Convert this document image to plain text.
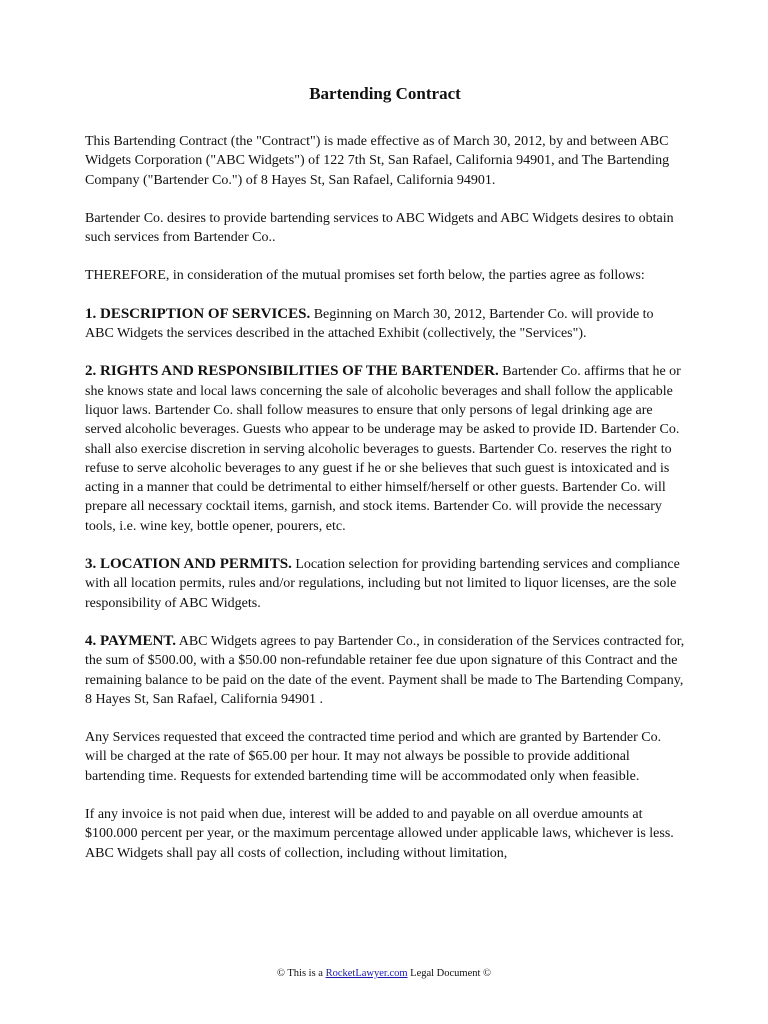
Bartending Contract

This Bartending Contract (the "Contract") is made effective as of March 30, 2012, by and between ABC Widgets Corporation ("ABC Widgets") of 122 7th St, San Rafael, California 94901, and The Bartending Company ("Bartender Co.") of 8 Hayes St, San Rafael, California 94901.

Bartender Co. desires to provide bartending services to ABC Widgets and ABC Widgets desires to obtain such services from Bartender Co..

THEREFORE, in consideration of the mutual promises set forth below, the parties agree as follows:

1. DESCRIPTION OF SERVICES. Beginning on March 30, 2012, Bartender Co. will provide to ABC Widgets the services described in the attached Exhibit (collectively, the "Services").

2. RIGHTS AND RESPONSIBILITIES OF THE BARTENDER. Bartender Co. affirms that he or she knows state and local laws concerning the sale of alcoholic beverages and shall follow the applicable liquor laws. Bartender Co. shall follow measures to ensure that only persons of legal drinking age are served alcoholic beverages. Guests who appear to be underage may be asked to provide ID. Bartender Co. shall also exercise discretion in serving alcoholic beverages to guests. Bartender Co. reserves the right to refuse to serve alcoholic beverages to any guest if he or she believes that such guest is intoxicated and is acting in a manner that could be detrimental to either himself/herself or other guests. Bartender Co. will prepare all necessary cocktail items, garnish, and stock items. Bartender Co. will provide the necessary tools, i.e. wine key, bottle opener, pourers, etc.

3. LOCATION AND PERMITS. Location selection for providing bartending services and compliance with all location permits, rules and/or regulations, including but not limited to liquor licenses, are the sole responsibility of ABC Widgets.

4. PAYMENT. ABC Widgets agrees to pay Bartender Co., in consideration of the Services contracted for, the sum of $500.00, with a $50.00 non-refundable retainer fee due upon signature of this Contract and the remaining balance to be paid on the date of the event. Payment shall be made to The Bartending Company, 8 Hayes St, San Rafael, California 94901 .

Any Services requested that exceed the contracted time period and which are granted by Bartender Co. will be charged at the rate of $65.00 per hour. It may not always be possible to provide additional bartending time. Requests for extended bartending time will be accommodated only when feasible.

If any invoice is not paid when due, interest will be added to and payable on all overdue amounts at $100.000 percent per year, or the maximum percentage allowed under applicable laws, whichever is less. ABC Widgets shall pay all costs of collection, including without limitation,

© This is a RocketLawyer.com Legal Document ©
